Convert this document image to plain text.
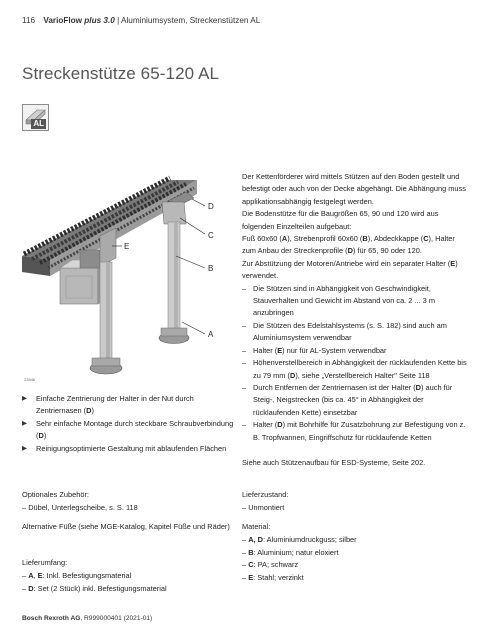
116 VarioFlow plus 3.0 | Aluminiumsystem, Streckenstützen AL
Streckenstütze 65-120 AL
AL
D
C
B
A
E
23946
▶ Einfache Zentrierung der Halter in der Nut durch Zentriernasen (D)
▶ Sehr einfache Montage durch steckbare Schraubverbindung (D)
▶ Reinigungsoptimierte Gestaltung mit ablaufenden Flächen

Der Kettenförderer wird mittels Stützen auf den Boden gestellt und befestigt oder auch von der Decke abgehängt. Die Abhängung muss applikationsabhängig festgelegt werden.

Die Bodenstütze für die Baugrößen 65, 90 und 120 wird aus folgenden Einzelteilen aufgebaut:

Fuß 60x60 (A), Strebenprofil 60x60 (B), Abdeckkappe (C), Halter zum Anbau der Streckenprofile (D) für 65, 90 oder 120.

Zur Abstützung der Motoren/Antriebe wird ein separater Halter (E) verwendet.

– Die Stützen sind in Abhängigkeit von Geschwindigkeit, Stauverhalten und Gewicht im Abstand von ca. 2 ... 3 m anzubringen
– Die Stützen des Edelstahlsystems (s. S. 182) sind auch am Aluminiumsystem verwendbar
– Halter (E) nur für AL-System verwendbar
– Höhenverstellbereich in Abhängigkeit der rücklaufenden Kette bis zu 79 mm (D), siehe „Verstellbereich Halter" Seite 118
– Durch Entfernen der Zentriernasen ist der Halter (D) auch für Steig-, Neigstrecken (bis ca. 45° in Abhängigkeit der rücklaufenden Kette) einsetzbar
– Halter (D) mit Bohrhilfe für Zusatzbohrung zur Befestigung von z. B. Tropfwannen, Eingriffschutz für rücklaufende Ketten
Siehe auch Stützenaufbau für ESD-Systeme, Seite 202.
Optionales Zubehör:
– Dübel, Unterlegscheibe, s. S. 118
Alternative Füße (siehe MGE-Katalog, Kapitel Füße und Räder)
Lieferumfang:
– A, E: Inkl. Befestigungsmaterial
– D: Set (2 Stück) inkl. Befestigungsmaterial
Lieferzustand:
– Unmontiert
Material:
– A, D: Aluminiumdruckguss; silber
– B: Aluminium; natur eloxiert
– C: PA; schwarz
– E: Stahl; verzinkt
Bosch Rexroth AG, R999000401 (2021-01)
